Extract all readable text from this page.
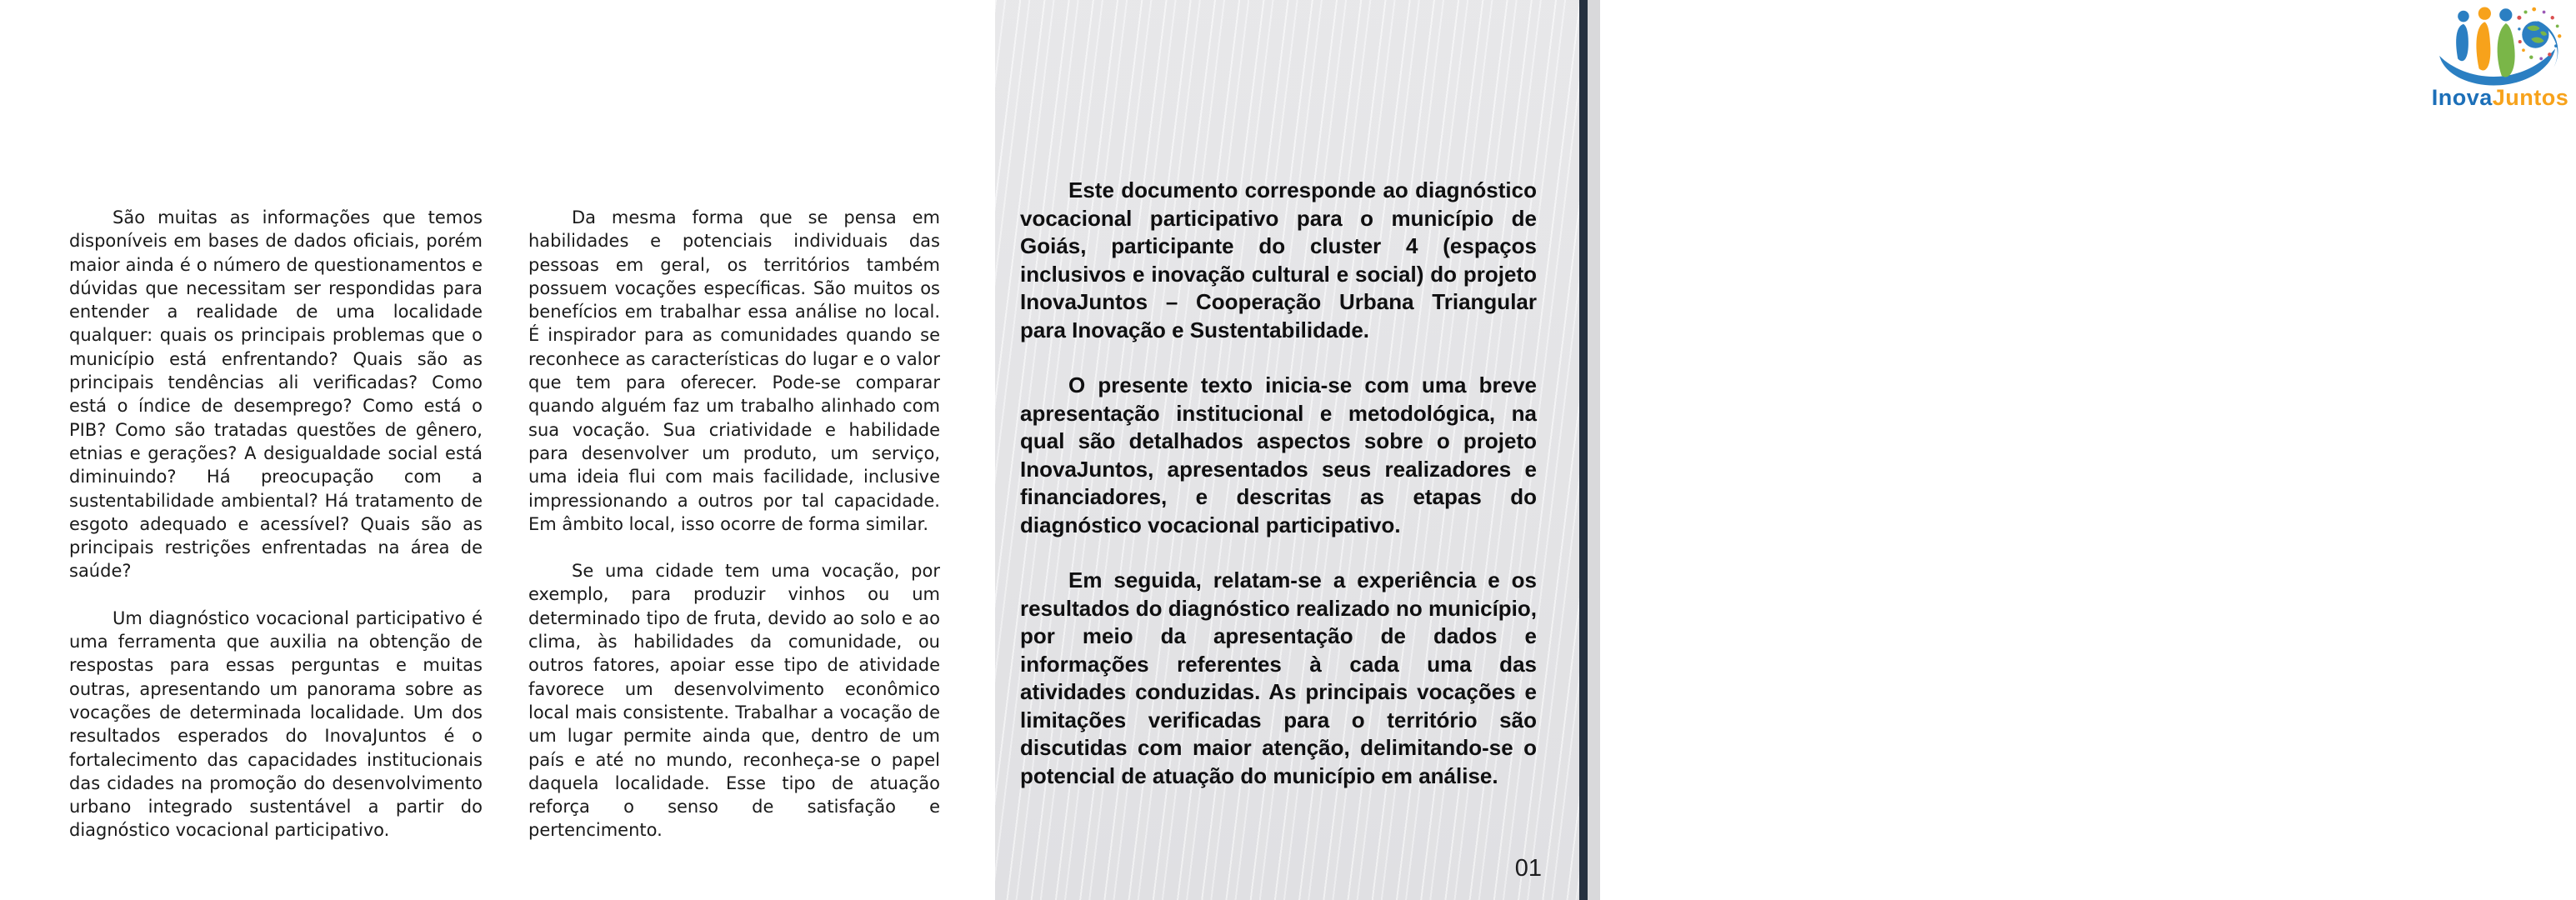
São muitas as informações que temos disponíveis em bases de dados oficiais, porém maior ainda é o número de questionamentos e dúvidas que necessitam ser respondidas para entender a realidade de uma localidade qualquer: quais os principais problemas que o município está enfrentando? Quais são as principais tendências ali verificadas? Como está o índice de desemprego? Como está o PIB? Como são tratadas questões de gênero, etnias e gerações? A desigualdade social está diminuindo? Há preocupação com a sustentabilidade ambiental? Há tratamento de esgoto adequado e acessível? Quais são as principais restrições enfrentadas na área de saúde?

Um diagnóstico vocacional participativo é uma ferramenta que auxilia na obtenção de respostas para essas perguntas e muitas outras, apresentando um panorama sobre as vocações de determinada localidade. Um dos resultados esperados do InovaJuntos é o fortalecimento das capacidades institucionais das cidades na promoção do desenvolvimento urbano integrado sustentável a partir do diagnóstico vocacional participativo.

Da mesma forma que se pensa em habilidades e potenciais individuais das pessoas em geral, os territórios também possuem vocações específicas. São muitos os benefícios em trabalhar essa análise no local. É inspirador para as comunidades quando se reconhece as características do lugar e o valor que tem para oferecer. Pode-se comparar quando alguém faz um trabalho alinhado com sua vocação. Sua criatividade e habilidade para desenvolver um produto, um serviço, uma ideia flui com mais facilidade, inclusive impressionando a outros por tal capacidade. Em âmbito local, isso ocorre de forma similar.

Se uma cidade tem uma vocação, por exemplo, para produzir vinhos ou um determinado tipo de fruta, devido ao solo e ao clima, às habilidades da comunidade, ou outros fatores, apoiar esse tipo de atividade favorece um desenvolvimento econômico local mais consistente. Trabalhar a vocação de um lugar permite ainda que, dentro de um país e até no mundo, reconheça-se o papel daquela localidade. Esse tipo de atuação reforça o senso de satisfação e pertencimento.

InovaJuntos

Este documento corresponde ao diagnóstico vocacional participativo para o município de Goiás, participante do cluster 4 (espaços inclusivos e inovação cultural e social) do projeto InovaJuntos – Cooperação Urbana Triangular para Inovação e Sustentabilidade.

O presente texto inicia-se com uma breve apresentação institucional e metodológica, na qual são detalhados aspectos sobre o projeto InovaJuntos, apresentados seus realizadores e financiadores, e descritas as etapas do diagnóstico vocacional participativo.

Em seguida, relatam-se a experiência e os resultados do diagnóstico realizado no município, por meio da apresentação de dados e informações referentes à cada uma das atividades conduzidas. As principais vocações e limitações verificadas para o território são discutidas com maior atenção, delimitando-se o potencial de atuação do município em análise.

01
